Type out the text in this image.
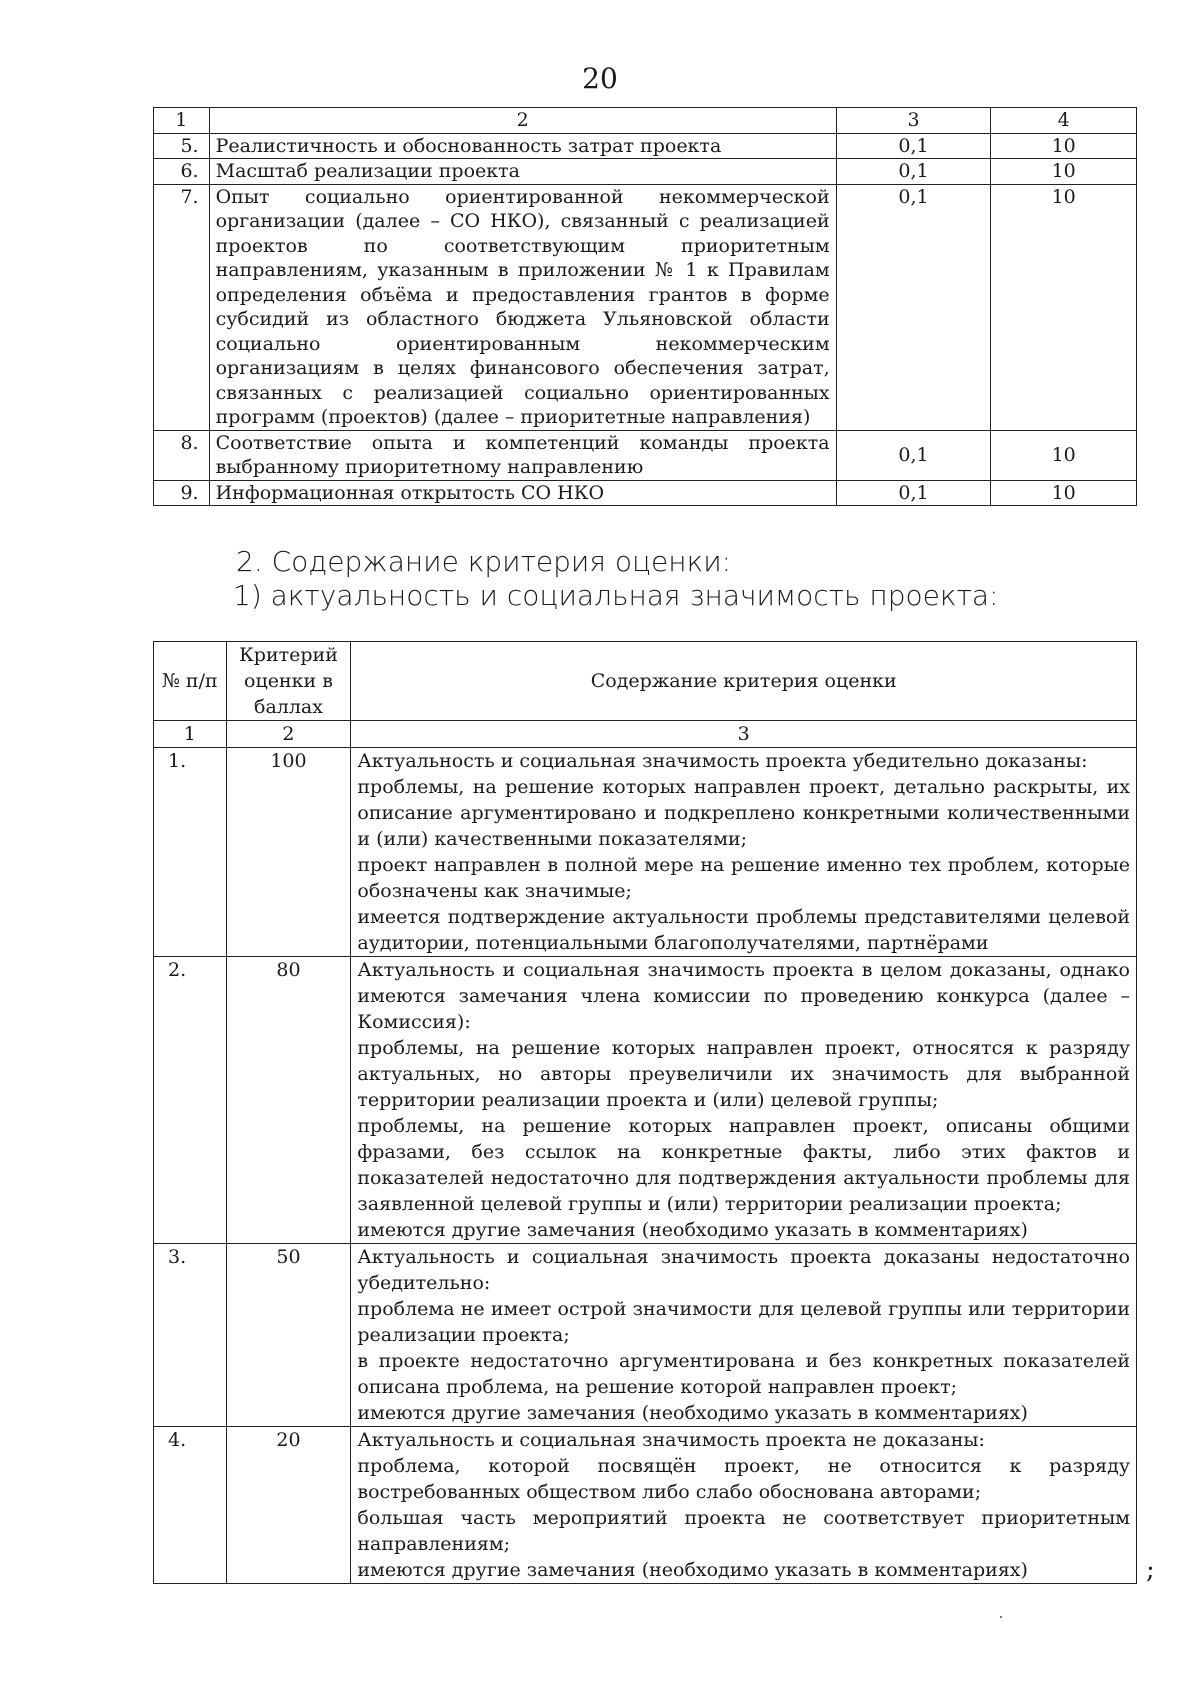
20
1	2	3	4
5.	Реалистичность и обоснованность затрат проекта	0,1	10
6.	Масштаб реализации проекта	0,1	10
7.	Опыт социально ориентированной некоммерческой организации (далее – СО НКО), связанный с реализацией проектов по соответствующим приоритетным направлениям, указанным в приложении № 1 к Правилам определения объёма и предоставления грантов в форме субсидий из областного бюджета Ульяновской области социально ориентированным некоммерческим организациям в целях финансового обеспечения затрат, связанных с реализацией социально ориентированных программ (проектов) (далее – приоритетные направления)	0,1	10
8.	Соответствие опыта и компетенций команды проекта выбранному приоритетному направлению	0,1	10
9.	Информационная открытость СО НКО	0,1	10
2. Содержание критерия оценки:
1) актуальность и социальная значимость проекта:
№ п/п	Критерий оценки в баллах	Содержание критерия оценки
1	2	3
1.	100	Актуальность и социальная значимость проекта убедительно доказаны:
проблемы, на решение которых направлен проект, детально раскрыты, их описание аргументировано и подкреплено конкретными количественными и (или) качественными показателями;
проект направлен в полной мере на решение именно тех проблем, которые обозначены как значимые;
имеется подтверждение актуальности проблемы представителями целевой аудитории, потенциальными благополучателями, партнёрами

2.	80	Актуальность и социальная значимость проекта в целом доказаны, однако имеются замечания члена комиссии по проведению конкурса (далее – Комиссия):
проблемы, на решение которых направлен проект, относятся к разряду актуальных, но авторы преувеличили их значимость для выбранной территории реализации проекта и (или) целевой группы;
проблемы, на решение которых направлен проект, описаны общими фразами, без ссылок на конкретные факты, либо этих фактов и показателей недостаточно для подтверждения актуальности проблемы для заявленной целевой группы и (или) территории реализации проекта;
имеются другие замечания (необходимо указать в комментариях)

3.	50	Актуальность и социальная значимость проекта доказаны недостаточно убедительно:
проблема не имеет острой значимости для целевой группы или территории реализации проекта;
в проекте недостаточно аргументирована и без конкретных показателей описана проблема, на решение которой направлен проект;
имеются другие замечания (необходимо указать в комментариях)

4.	20	Актуальность и социальная значимость проекта не доказаны:
проблема, которой посвящён проект, не относится к разряду востребованных обществом либо слабо обоснована авторами;
большая часть мероприятий проекта не соответствует приоритетным направлениям;
имеются другие замечания (необходимо указать в комментариях)	;
